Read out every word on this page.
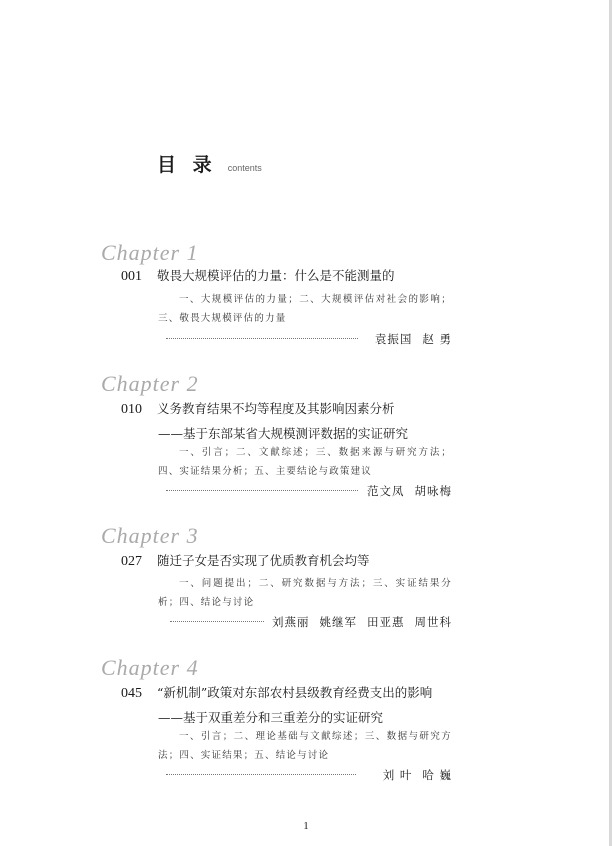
目 录 contents
Chapter 1
001 敬畏大规模评估的力量：什么是不能测量的
一、大规模评估的力量；二、大规模评估对社会的影响；三、敬畏大规模评估的力量
袁振国 赵 勇
Chapter 2
010 义务教育结果不均等程度及其影响因素分析
——基于东部某省大规模测评数据的实证研究
一、引言；二、文献综述；三、数据来源与研究方法；四、实证结果分析；五、主要结论与政策建议
范文凤 胡咏梅
Chapter 3
027 随迁子女是否实现了优质教育机会均等
一、问题提出；二、研究数据与方法；三、实证结果分析；四、结论与讨论
刘燕丽 姚继军 田亚惠 周世科
Chapter 4
045 “新机制”政策对东部农村县级教育经费支出的影响
——基于双重差分和三重差分的实证研究
一、引言；二、理论基础与文献综述；三、数据与研究方法；四、实证结果；五、结论与讨论
刘 叶 哈 巍
1
